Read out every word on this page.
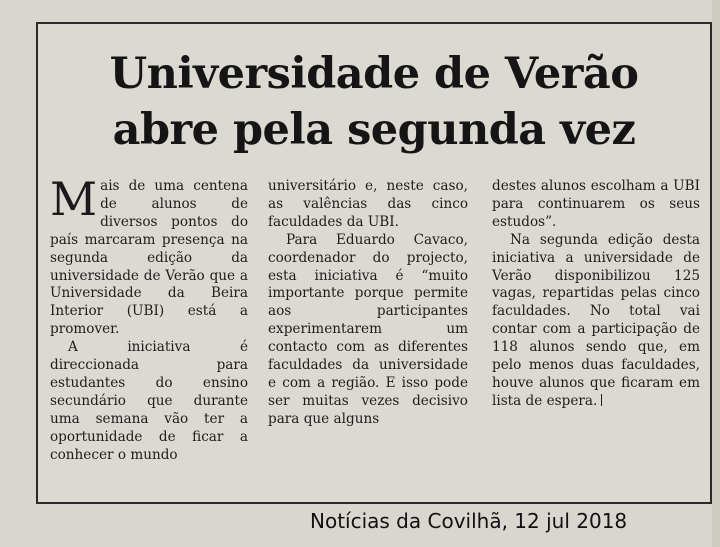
Universidade de Verão
abre pela segunda vez

Mais de uma centena de alunos de diversos pontos do país marcaram presença na segunda edição da universidade de Verão que a Universidade da Beira Interior (UBI) está a promover.

A iniciativa é direccionada para estudantes do ensino secundário que durante uma semana vão ter a oportunidade de ficar a conhecer o mundo

universitário e, neste caso, as valências das cinco faculdades da UBI.

Para Eduardo Cavaco, coordenador do projecto, esta iniciativa é “muito importante porque permite aos participantes experimentarem um contacto com as diferentes faculdades da universidade e com a região. E isso pode ser muitas vezes decisivo para que alguns

destes alunos escolham a UBI para continuarem os seus estudos”.

Na segunda edição desta iniciativa a universidade de Verão disponibilizou 125 vagas, repartidas pelas cinco faculdades. No total vai contar com a participação de 118 alunos sendo que, em pelo menos duas faculdades, houve alunos que ficaram em lista de espera.

Notícias da Covilhã, 12 jul 2018
